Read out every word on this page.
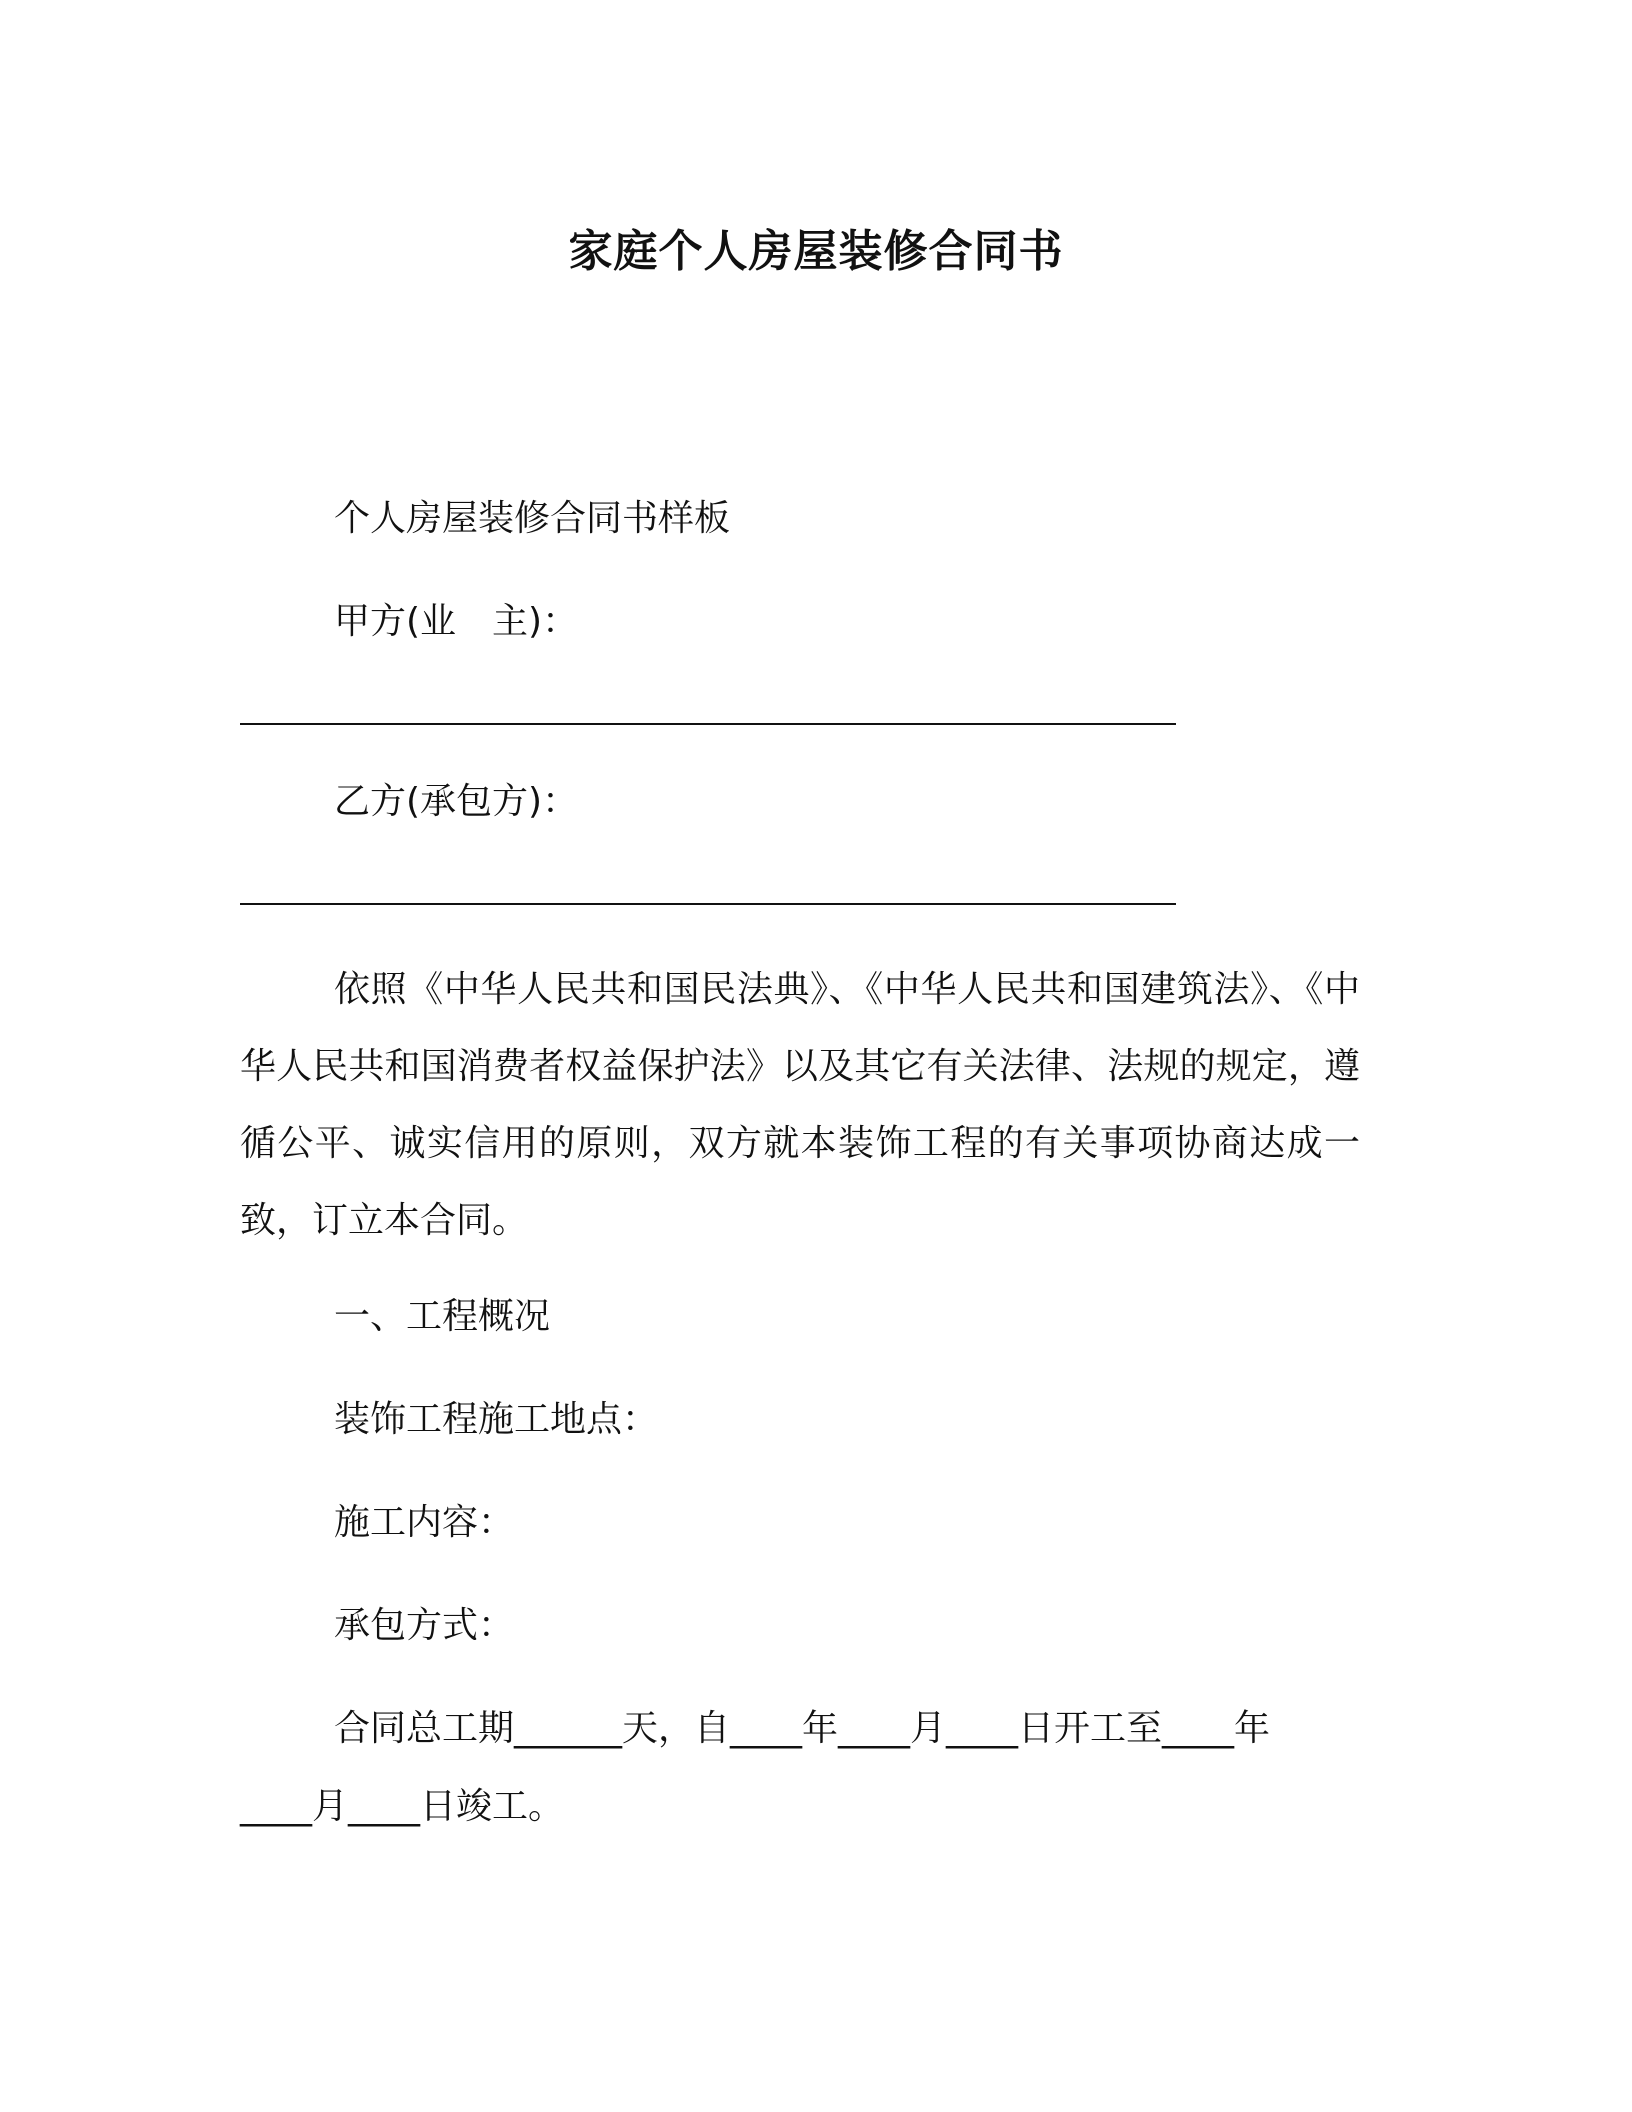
家庭个人房屋装修合同书
个人房屋装修合同书样板
甲方(业　主)：
乙方(承包方)：
依照《中华人民共和国民法典》、《中华人民共和国建筑法》、《中华人民共和国消费者权益保护法》以及其它有关法律、法规的规定，遵循公平、诚实信用的原则，双方就本装饰工程的有关事项协商达成一致，订立本合同。
一、工程概况
装饰工程施工地点：
施工内容：
承包方式：
合同总工期______天，自____年____月____日开工至____年
____月____日竣工。
